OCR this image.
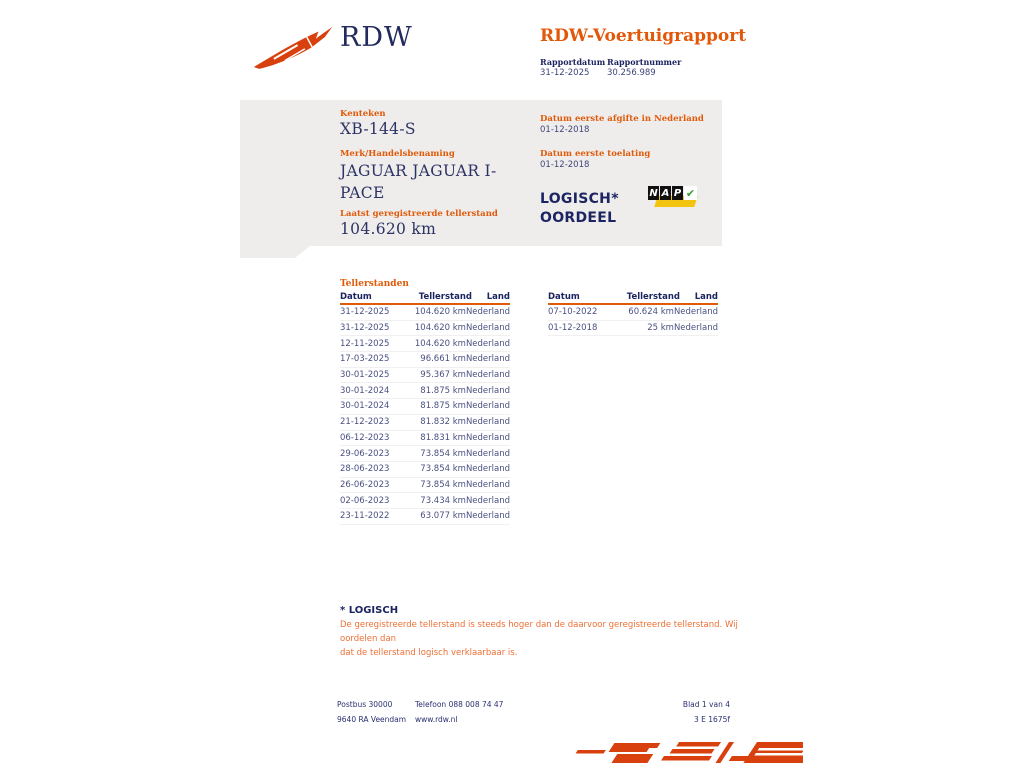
RDW	RDW-Voertuigrapport
Rapportdatum Rapportnummer
31-12-2025 30.256.989
Kenteken
XB-144-S
Merk/Handelsbenaming
JAGUAR JAGUAR I-PACE
Laatst geregistreerde tellerstand
104.620 km
Datum eerste afgifte in Nederland
01-12-2018
Datum eerste toelating
01-12-2018
LOGISCH*
OORDEEL
N A P ✔
Tellerstanden
Datum	Tellerstand	Land
31-12-2025	104.620 km Nederland
31-12-2025	104.620 km Nederland
12-11-2025	104.620 km Nederland
17-03-2025	96.661 km Nederland
30-01-2025	95.367 km Nederland
30-01-2024	81.875 km Nederland
30-01-2024	81.875 km Nederland
21-12-2023	81.832 km Nederland
06-12-2023	81.831 km Nederland
29-06-2023	73.854 km Nederland
28-06-2023	73.854 km Nederland
26-06-2023	73.854 km Nederland
02-06-2023	73.434 km Nederland
23-11-2022	63.077 km Nederland
Datum	Tellerstand	Land
07-10-2022	60.624 km Nederland
01-12-2018	25 km Nederland
* LOGISCH
De geregistreerde tellerstand is steeds hoger dan de daarvoor geregistreerde tellerstand. Wij oordelen dan
dat de tellerstand logisch verklaarbaar is.
Postbus 30000
9640 RA Veendam
Telefoon 088 008 74 47
www.rdw.nl
Blad 1 van 4
3 E 1675f
